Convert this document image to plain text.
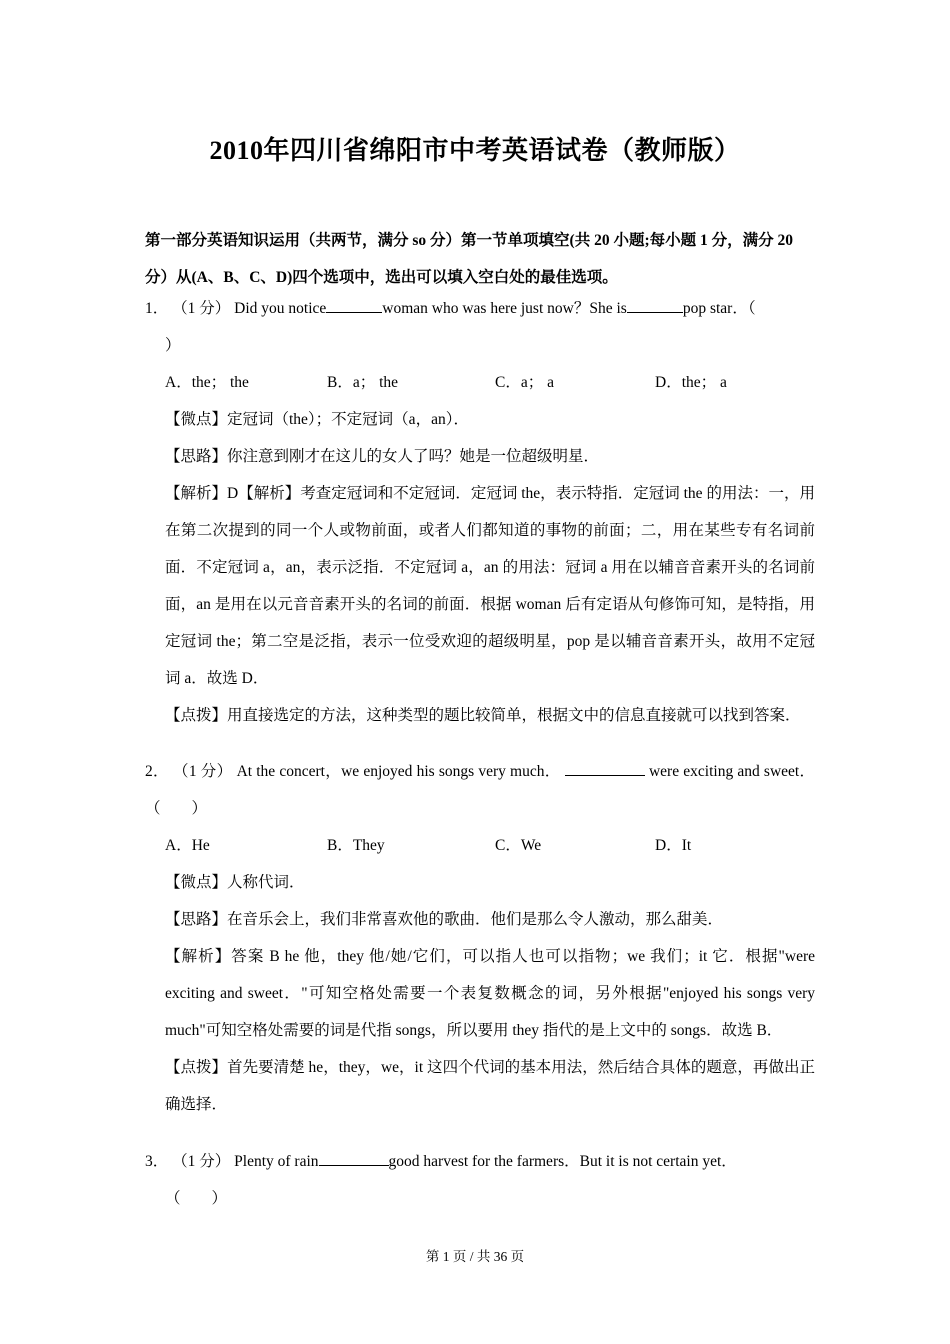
2010年四川省绵阳市中考英语试卷（教师版）
第一部分英语知识运用（共两节，满分 so 分）第一节单项填空(共 20 小题;每小题 1 分，满分 20 分）从(A、B、C、D)四个选项中，选出可以填入空白处的最佳选项。
1． （1 分） Did you notice	woman who was here just now？She is	pop star．（
）
A．the； the	B．a； the	C．a； a	D．the； a
【微点】定冠词（the）；不定冠词（a，an）．
【思路】你注意到刚才在这儿的女人了吗？她是一位超级明星．
【解析】D【解析】考查定冠词和不定冠词．定冠词 the，表示特指．定冠词 the 的用法：一，用在第二次提到的同一个人或物前面，或者人们都知道的事物的前面；二，用在某些专有名词前面．不定冠词 a，an，表示泛指．不定冠词 a，an 的用法：冠词 a 用在以辅音音素开头的名词前面，an 是用在以元音音素开头的名词的前面．根据 woman 后有定语从句修饰可知，是特指，用定冠词 the；第二空是泛指，表示一位受欢迎的超级明星，pop 是以辅音音素开头，故用不定冠词 a．故选 D．
【点拨】用直接选定的方法，这种类型的题比较简单，根据文中的信息直接就可以找到答案．
2． （1 分） At the concert，we enjoyed his songs very much．	were exciting and sweet．（　　）
A．He	B．They	C．We	D．It
【微点】人称代词．
【思路】在音乐会上，我们非常喜欢他的歌曲．他们是那么令人激动，那么甜美．
【解析】答案 B he 他，they 他/她/它们，可以指人也可以指物；we 我们；it 它．根据"were exciting and sweet．"可知空格处需要一个表复数概念的词，另外根据"enjoyed his songs very much"可知空格处需要的词是代指 songs，所以要用 they 指代的是上文中的 songs．故选 B．
【点拨】首先要清楚 he，they，we，it 这四个代词的基本用法，然后结合具体的题意，再做出正确选择．
3． （1 分） Plenty of rain	good harvest for the farmers．But it is not certain yet．
（　　）
第 1 页 / 共 36 页
